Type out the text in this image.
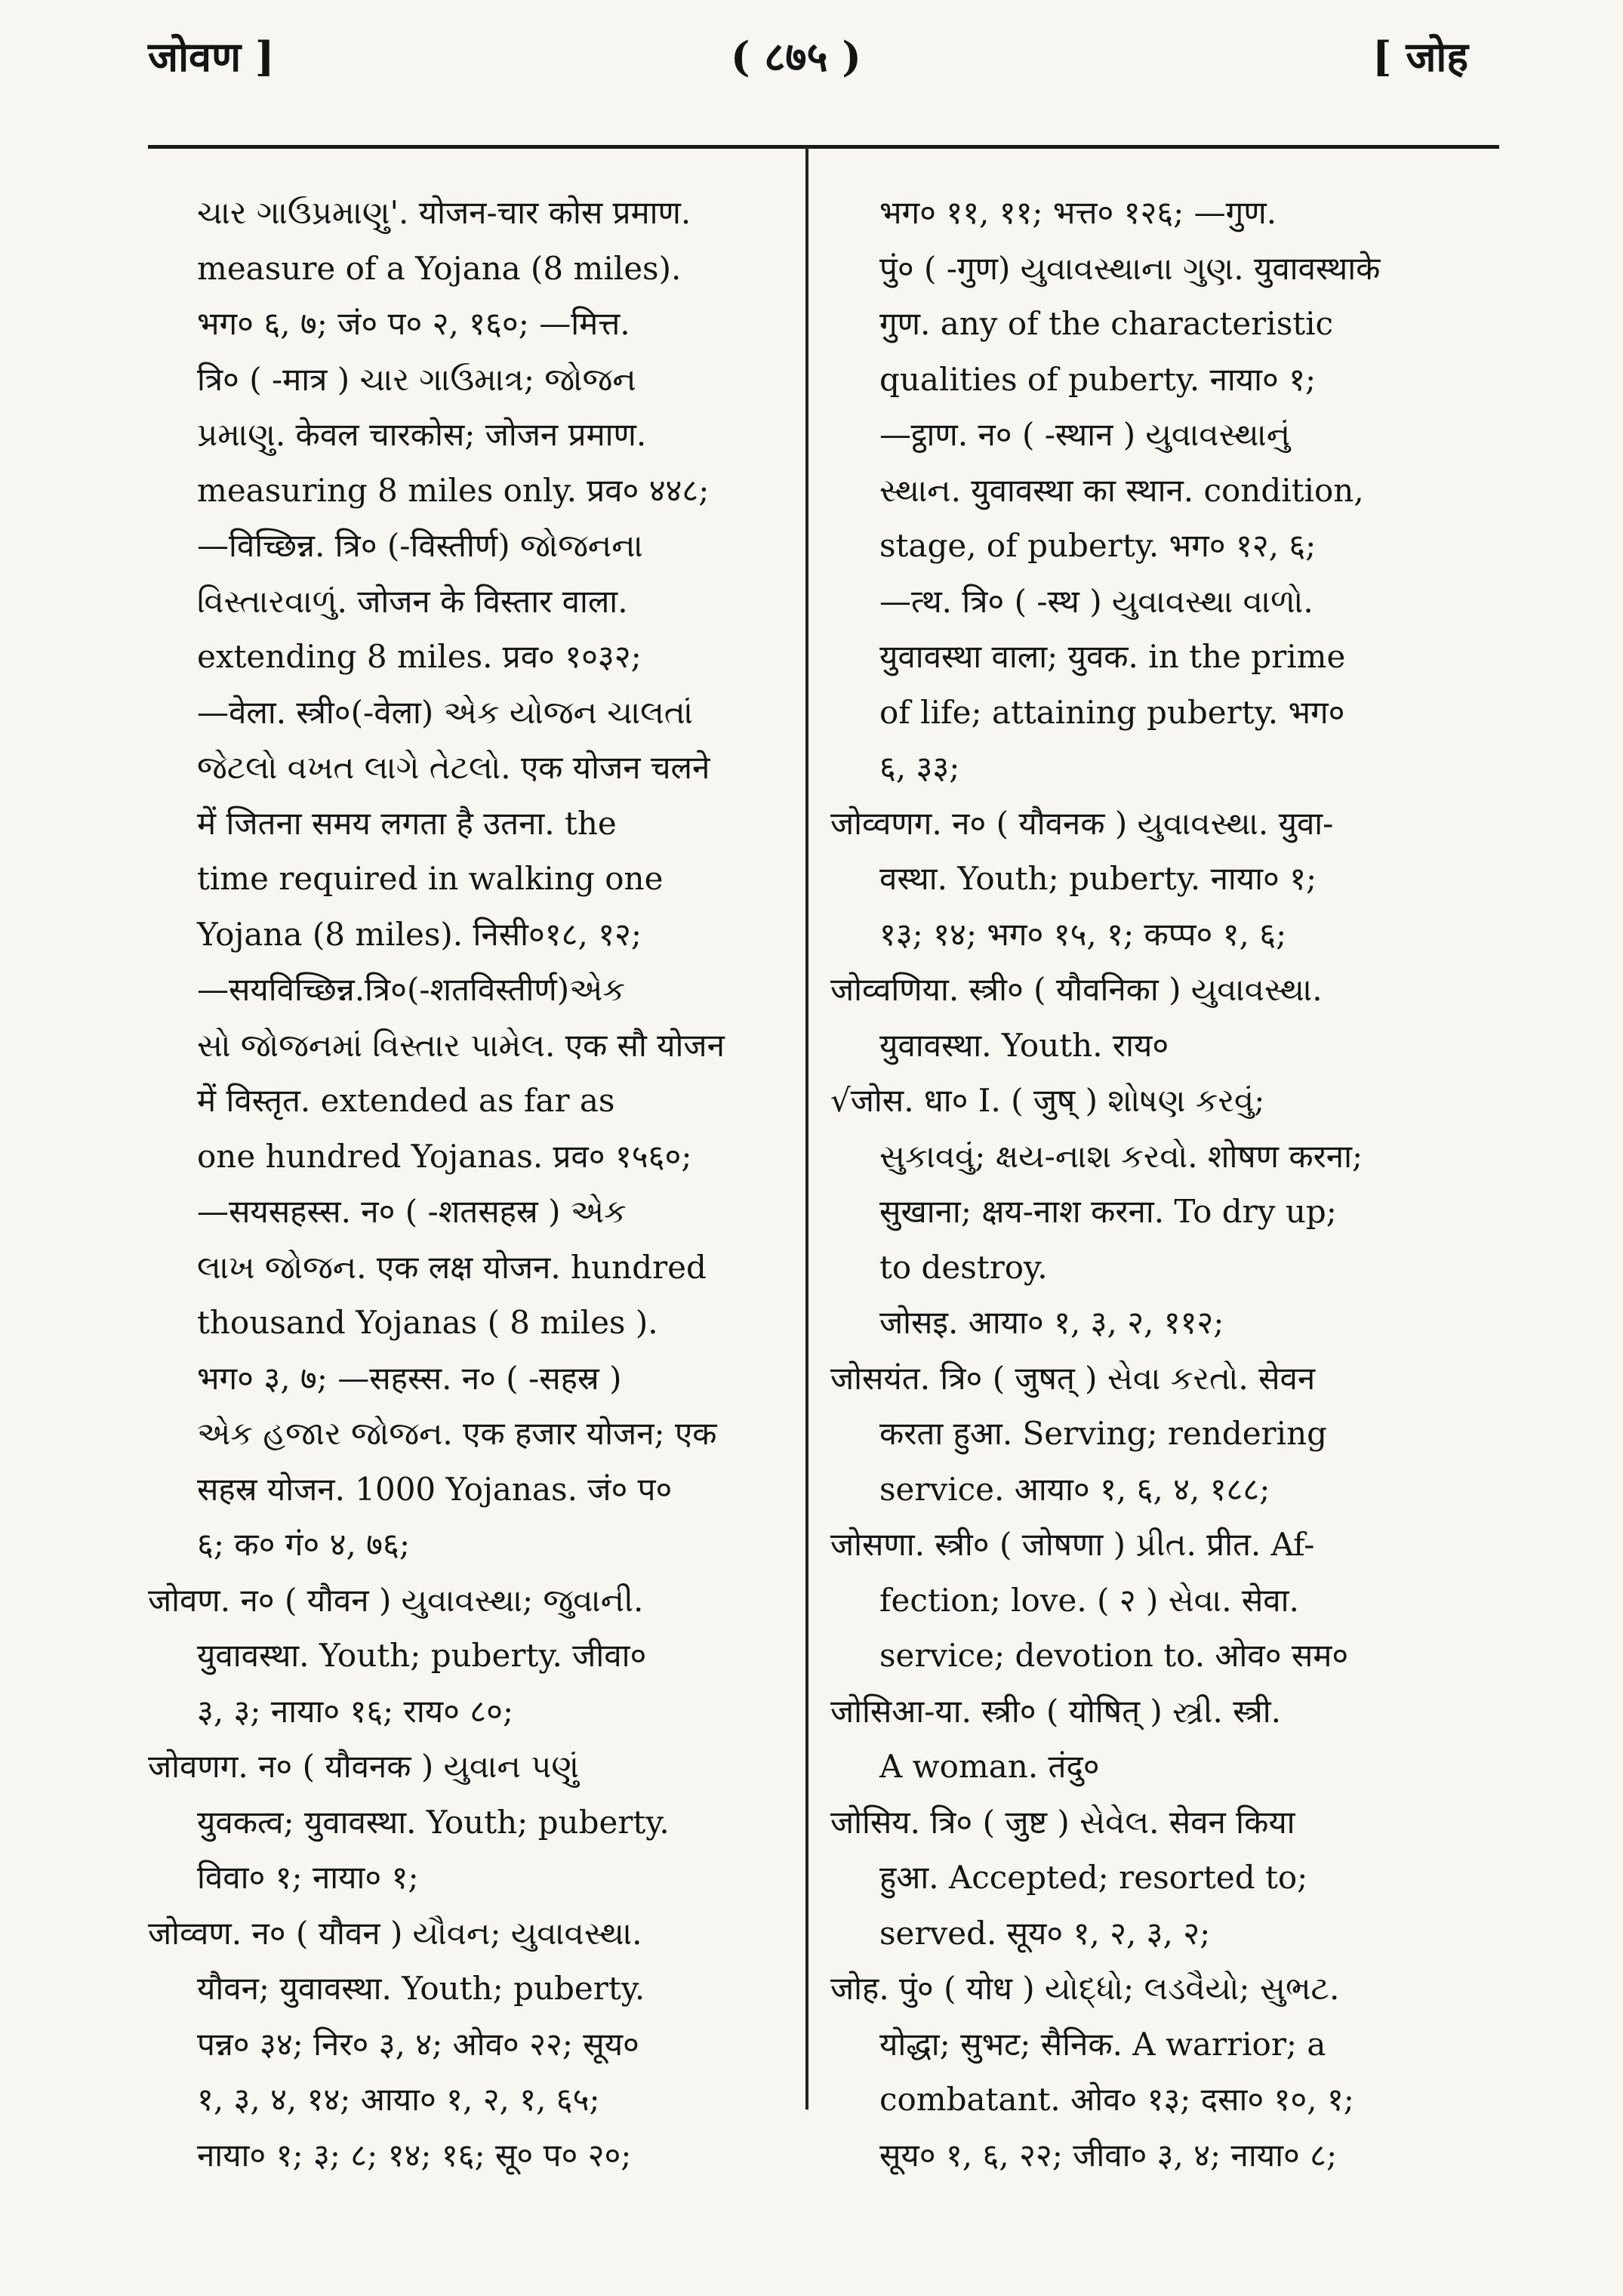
जोवण ]	( ८७५ )	[ जोह
ચાર ગાઉપ્રમાણુ'. योजन-चार कोस प्रमाण.
measure of a Yojana (8 miles).
भग० ६, ७; जं० प० २, १६०; —मित्त.
त्रि० ( -मात्र ) ચાર ગાઉમાત્ર; જોજન
પ્રમાણુ. केवल चारकोस; जोजन प्रमाण.
measuring 8 miles only. प्रव० ४४८;
—विच्छिन्न. त्रि० (-विस्तीर्ण) જોજનના
વિસ્તારવાળું. जोजन के विस्तार वाला.
extending 8 miles. प्रव० १०३२;
—वेला. स्त्री०(-वेला) એક યોજન ચાલતાં
જેટલો વખત લાગે તેટલો. एक योजन चलने
में जितना समय लगता है उतना. the
time required in walking one
Yojana (8 miles). निसी०१८, १२;
—सयविच्छिन्न.त्रि०(-शतविस्तीर्ण)એક
સો જોજનમાં વિસ્તાર પામેલ. एक सौ योजन
में विस्तृत. extended as far as
one hundred Yojanas. प्रव० १५६०;
—सयसहस्स. न० ( -शतसहस्र ) એક
લાખ જોજન. एक लक्ष योजन. hundred
thousand Yojanas ( 8 miles ).
भग० ३, ७; —सहस्स. न० ( -सहस्र )
એક હજાર જોજન. एक हजार योजन; एक
सहस्र योजन. 1000 Yojanas. जं० प०
६; क० गं० ४, ७६;
जोवण. न० ( यौवन ) યુવાવસ્થા; જુવાની.
युवावस्था. Youth; puberty. जीवा०
३, ३; नाया० १६; राय० ८०;
जोवणग. न० ( यौवनक ) યુવાન પણું
युवकत्व; युवावस्था. Youth; puberty.
विवा० १; नाया० १;
जोव्वण. न० ( यौवन ) યૌવન; યુવાવસ્થા.
यौवन; युवावस्था. Youth; puberty.
पन्न० ३४; निर० ३, ४; ओव० २२; सूय०
१, ३, ४, १४; आया० १, २, १, ६५;
नाया० १; ३; ८; १४; १६; सू० प० २०;
भग० ११, ११; भत्त० १२६; —गुण.
पुं० ( -गुण) યુવાવસ્થાના ગુણ. युवावस्थाके
गुण. any of the characteristic
qualities of puberty. नाया० १;
—ट्ठाण. न० ( -स्थान ) યુવાવસ્થાનું
સ્થાન. युवावस्था का स्थान. condition,
stage, of puberty. भग० १२, ६;
—त्थ. त्रि० ( -स्थ ) યુવાવસ્થા વાળો.
युवावस्था वाला; युवक. in the prime
of life; attaining puberty. भग०
६, ३३;
जोव्वणग. न० ( यौवनक ) યુવાવસ્થા. युवा-
वस्था. Youth; puberty. नाया० १;
१३; १४; भग० १५, १; कप्प० १, ६;
जोव्वणिया. स्त्री० ( यौवनिका ) યુવાવસ્થા.
युवावस्था. Youth. राय०
√जोस. धा० I. ( जुष् ) શોષણ કરવું;
સુકાવવું; ક્ષય-નાશ કરવો. शोषण करना;
सुखाना; क्षय-नाश करना. To dry up;
to destroy.
जोसइ. आया० १, ३, २, ११२;
जोसयंत. त्रि० ( जुषत् ) સેવા કરતો. सेवन
करता हुआ. Serving; rendering
service. आया० १, ६, ४, १८८;
जोसणा. स्त्री० ( जोषणा ) પ્રીત. प्रीत. Af-
fection; love. ( २ ) સેવા. सेवा.
service; devotion to. ओव० सम०
जोसिआ-या. स्त्री० ( योषित् ) સ્ત્રી. स्त्री.
A woman. तंदु०
जोसिय. त्रि० ( जुष्ट ) સેવેલ. सेवन किया
हुआ. Accepted; resorted to;
served. सूय० १, २, ३, २;
जोह. पुं० ( योध ) યોદ્ધો; લડવૈયો; સુભટ.
योद्धा; सुभट; सैनिक. A warrior; a
combatant. ओव० १३; दसा० १०, १;
सूय० १, ६, २२; जीवा० ३, ४; नाया० ८;
